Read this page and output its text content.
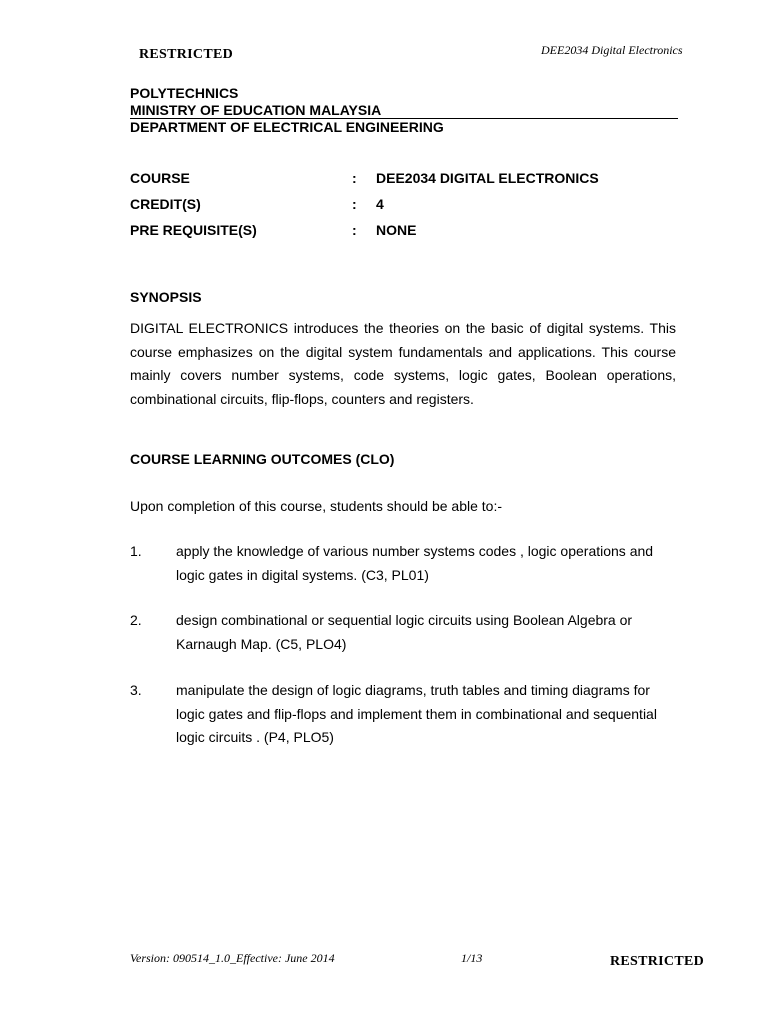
RESTRICTED	DEE2034 Digital Electronics
POLYTECHNICS
MINISTRY OF EDUCATION MALAYSIA
DEPARTMENT OF ELECTRICAL ENGINEERING
COURSE	: DEE2034 DIGITAL ELECTRONICS
CREDIT(S)	: 4
PRE REQUISITE(S)	: NONE
SYNOPSIS
DIGITAL ELECTRONICS introduces the theories on the basic of digital systems. This course emphasizes on the digital system fundamentals and applications. This course mainly covers number systems, code systems, logic gates, Boolean operations, combinational circuits, flip-flops, counters and registers.
COURSE LEARNING OUTCOMES (CLO)
Upon completion of this course, students should be able to:-
1. apply the knowledge of various number systems codes , logic operations and logic gates in digital systems. (C3, PL01)
2. design combinational or sequential logic circuits using Boolean Algebra or Karnaugh Map. (C5, PLO4)
3. manipulate the design of logic diagrams, truth tables and timing diagrams for logic gates and flip-flops and implement them in combinational and sequential logic circuits . (P4, PLO5)
Version: 090514_1.0_Effective: June 2014	1/13	RESTRICTED
